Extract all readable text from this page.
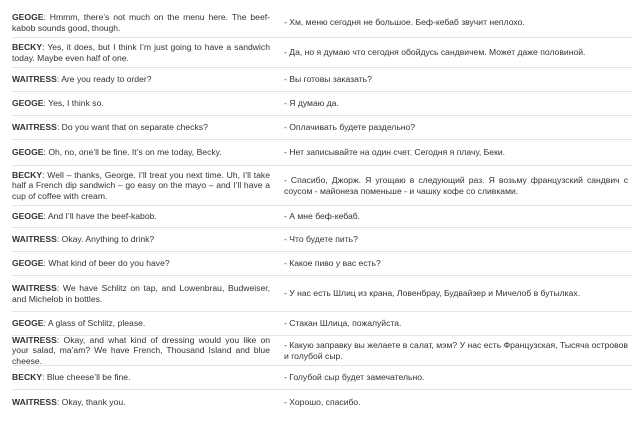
GEOGE: Hmmm, there’s not much on the menu here. The beef-kabob sounds good, though.
- Хм, меню сегодня не большое. Беф-кебаб звучит неплохо.
BECKY: Yes, it does, but I think I’m just going to have a sandwich today. Maybe even half of one.
- Да, но я думаю что сегодня обойдусь сандвичем. Может даже половиной.
WAITRESS: Are you ready to order?	- Вы готовы заказать?
GEOGE: Yes, I think so.	- Я думаю да.
WAITRESS: Do you want that on separate checks?	- Оплачивать будете раздельно?
GEOGE: Oh, no, one’ll be fine. It’s on me today, Becky.	- Нет записывайте на один счет. Сегодня я плачу, Беки.
BECKY: Well – thanks, George. I’ll treat you next time. Uh, I’ll take half a French dip sandwich – go easy on the mayo – and I’ll have a cup of coffee with cream.
- Спасибо, Джорж. Я угощаю в следующий раз. Я возьму французский сандвич с соусом - майонеза поменьше - и чашку кофе со сливками.
GEOGE: And I’ll have the beef-kabob.	- А мне беф-кебаб.
WAITRESS: Okay. Anything to drink?	- Что будете пить?
GEOGE: What kind of beer do you have?	- Какое пиво у вас есть?
WAITRESS: We have Schlitz on tap, and Lowenbrau, Budweiser, and Michelob in bottles.
- У нас есть Шлиц из крана, Ловенбрау, Будвайзер и Мичелоб в бутылках.
GEOGE: A glass of Schlitz, please.	- Стакан Шлица, пожалуйста.
WAITRESS: Okay, and what kind of dressing would you like on your salad, ma’am? We have French, Thousand Island and blue cheese.
- Какую заправку вы желаете в салат, мэм? У нас есть Французская, Тысяча островов и голубой сыр.
BECKY: Blue cheese’ll be fine.	- Голубой сыр будет замечательно.
WAITRESS: Okay, thank you.	- Хорошо, спасибо.
